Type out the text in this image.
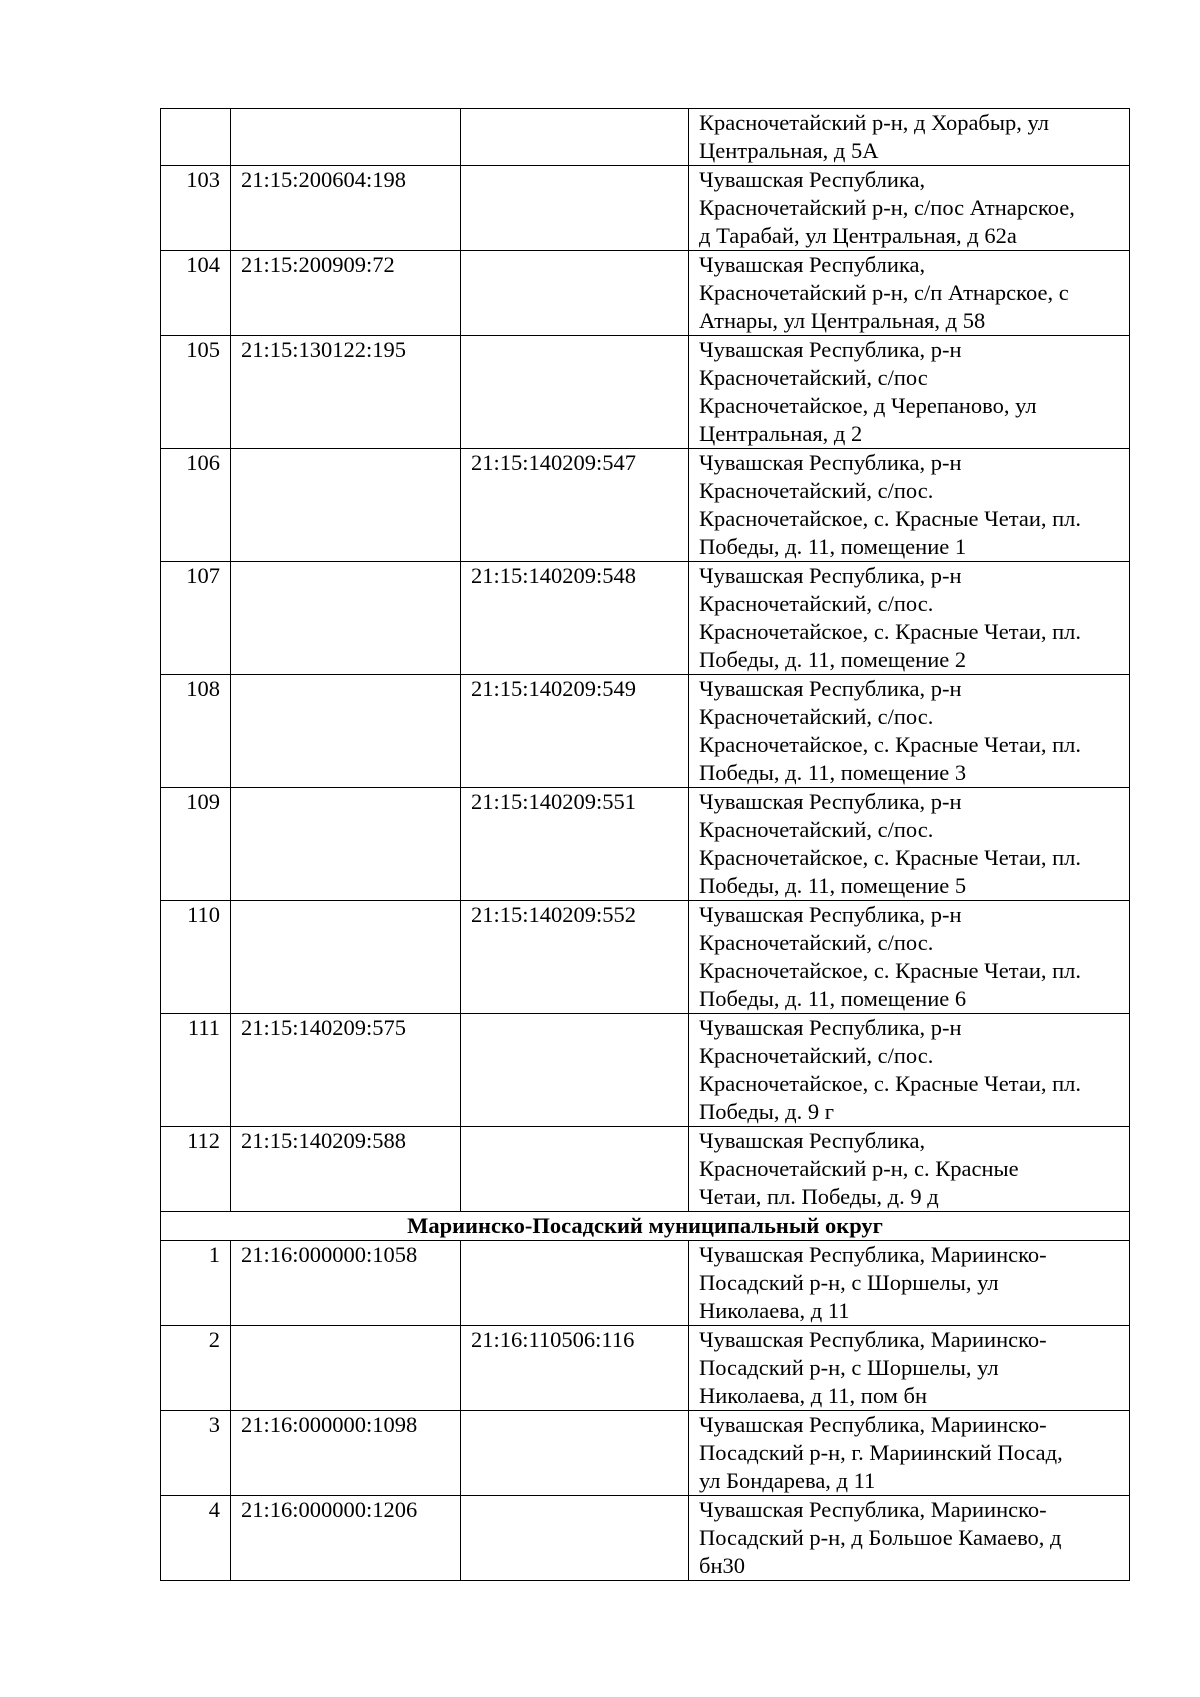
			Красночетайский р-н, д Хорабыр, ул
Центральная, д 5А

103	21:15:200604:198		Чувашская Республика,
Красночетайский р-н, с/пос Атнарское,
д Тарабай, ул Центральная, д 62а

104	21:15:200909:72		Чувашская Республика,
Красночетайский р-н, с/п Атнарское, с
Атнары, ул Центральная, д 58

105	21:15:130122:195		Чувашская Республика, р-н
Красночетайский, с/пос
Красночетайское, д Черепаново, ул
Центральная, д 2

106		21:15:140209:547	Чувашская Республика, р-н
Красночетайский, с/пос.
Красночетайское, с. Красные Четаи, пл.
Победы, д. 11, помещение 1

107		21:15:140209:548	Чувашская Республика, р-н
Красночетайский, с/пос.
Красночетайское, с. Красные Четаи, пл.
Победы, д. 11, помещение 2

108		21:15:140209:549	Чувашская Республика, р-н
Красночетайский, с/пос.
Красночетайское, с. Красные Четаи, пл.
Победы, д. 11, помещение 3

109		21:15:140209:551	Чувашская Республика, р-н
Красночетайский, с/пос.
Красночетайское, с. Красные Четаи, пл.
Победы, д. 11, помещение 5

110		21:15:140209:552	Чувашская Республика, р-н
Красночетайский, с/пос.
Красночетайское, с. Красные Четаи, пл.
Победы, д. 11, помещение 6

111	21:15:140209:575		Чувашская Республика, р-н
Красночетайский, с/пос.
Красночетайское, с. Красные Четаи, пл.
Победы, д. 9 г

112	21:15:140209:588		Чувашская Республика,
Красночетайский р-н, с. Красные
Четаи, пл. Победы, д. 9 д

Мариинско-Посадский муниципальный округ			
1	21:16:000000:1058		Чувашская Республика, Мариинско-
Посадский р-н, с Шоршелы, ул
Николаева, д 11

2		21:16:110506:116	Чувашская Республика, Мариинско-
Посадский р-н, с Шоршелы, ул
Николаева, д 11, пом бн

3	21:16:000000:1098		Чувашская Республика, Мариинско-
Посадский р-н, г. Мариинский Посад,
ул Бондарева, д 11

4	21:16:000000:1206		Чувашская Республика, Мариинско-
Посадский р-н, д Большое Камаево, д
бн30
